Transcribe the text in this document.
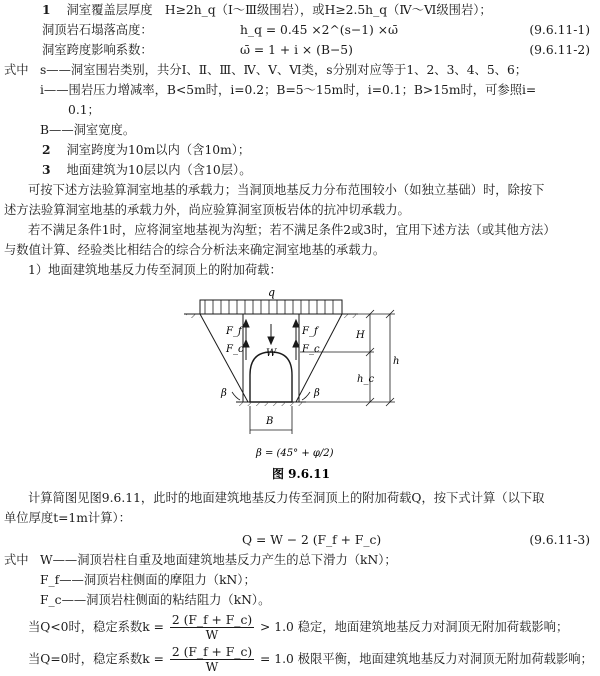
1 洞室覆盖层厚度　H≥2h_q（Ⅰ～Ⅲ级围岩），或H≥2.5h_q（Ⅳ～Ⅵ级围岩）；
洞顶岩石塌落高度：	h_q = 0.45 ×2^(s−1) ×ω̄	(9.6.11-1)
洞室跨度影响系数：	ω̄ = 1 + i × (B−5)	(9.6.11-2)
式中 s——洞室围岩类别，共分Ⅰ、Ⅱ、Ⅲ、Ⅳ、Ⅴ、Ⅵ类，s分别对应等于1、2、3、4、5、6；
i——围岩压力增减率，B<5m时，i=0.2；B=5～15m时，i=0.1；B>15m时，可参照i=
0.1；
B——洞室宽度。
2 洞室跨度为10m以内（含10m）；
3 地面建筑为10层以内（含10层）。
可按下述方法验算洞室地基的承载力；当洞顶地基反力分布范围较小（如独立基础）时，除按下
述方法验算洞室地基的承载力外，尚应验算洞室顶板岩体的抗冲切承载力。
若不满足条件1时，应将洞室地基视为沟堑；若不满足条件2或3时，宜用下述方法（或其他方法）
与数值计算、经验类比相结合的综合分析法来确定洞室地基的承载力。
1）地面建筑地基反力传至洞顶上的附加荷载：
q
F_f
F_c
F_f
F_c
W
β	β
H
h
h_c
B
β = (45° + φ/2)
图 9.6.11
计算简图见图9.6.11，此时的地面建筑地基反力传至洞顶上的附加荷载Q，按下式计算（以下取
单位厚度t=1m计算）：
Q = W − 2 (F_f + F_c)	(9.6.11-3)
式中 W——洞顶岩柱自重及地面建筑地基反力产生的总下滑力（kN）；
F_f——洞顶岩柱侧面的摩阻力（kN）；
F_c——洞顶岩柱侧面的粘结阻力（kN）。
当Q<0时，稳定系数$k = \frac{2 (F\_f + F\_c)}{W} > 1.0$ 稳定，地面建筑地基反力对洞顶无附加荷载影响；
当Q=0时，稳定系数$k = \frac{2 (F\_f + F\_c)}{W} = 1.0$ 极限平衡，地面建筑地基反力对洞顶无附加荷载影响；
